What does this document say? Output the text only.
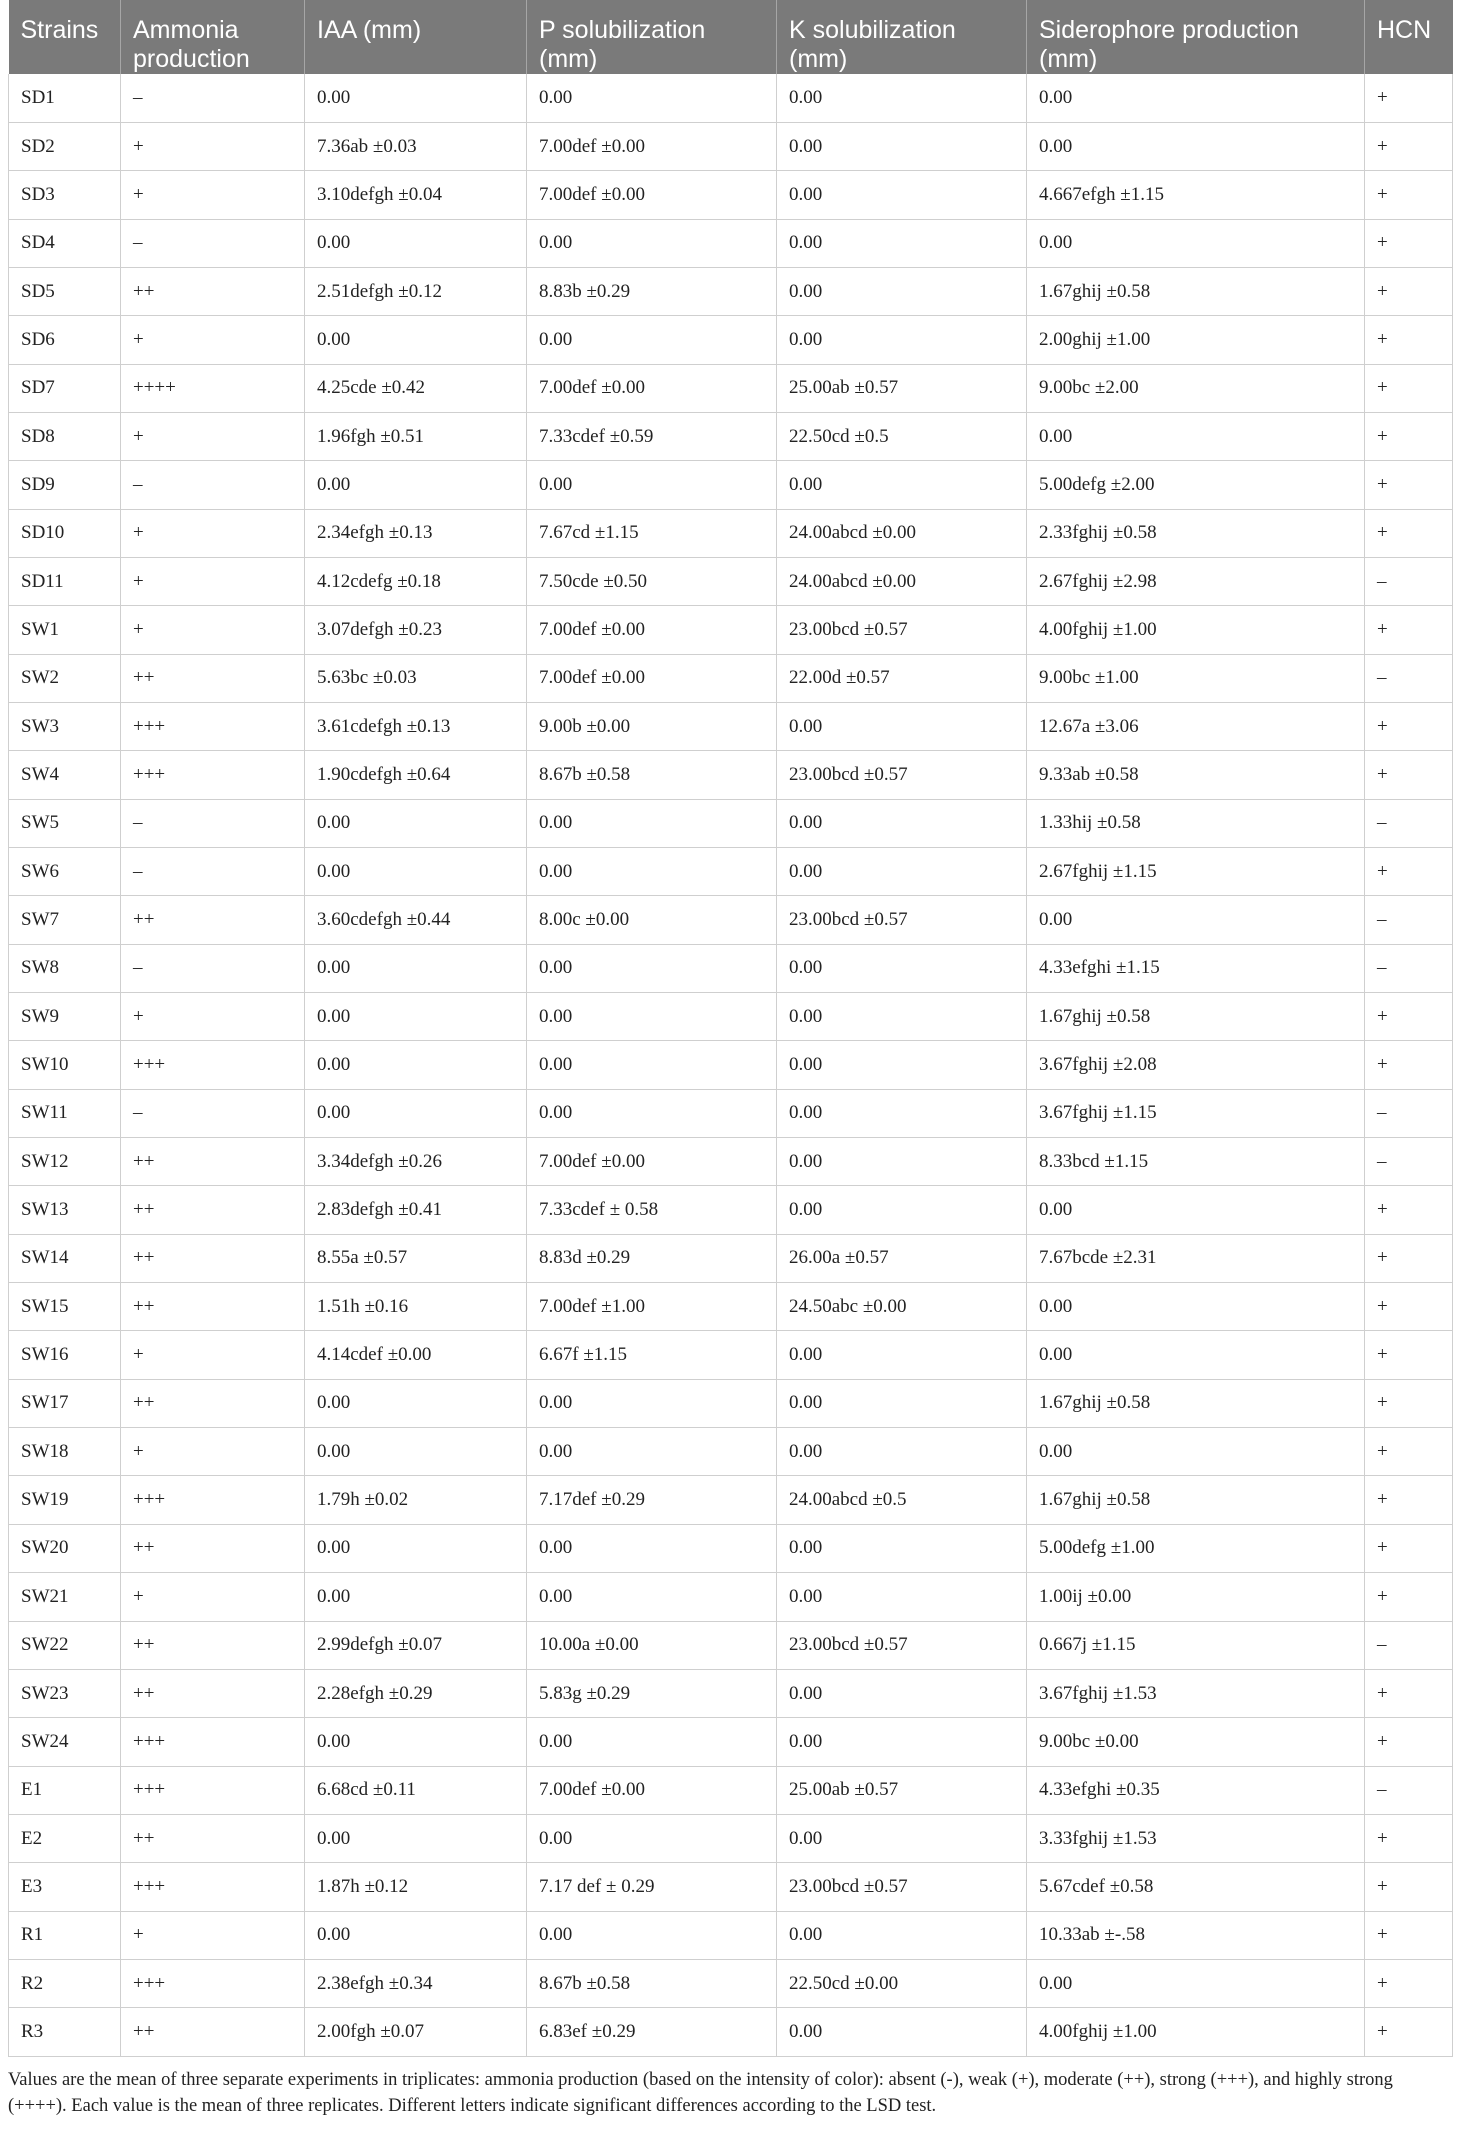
Strains	Ammonia production	IAA (mm)	P solubilization (mm)	K solubilization (mm)	Siderophore production (mm)	HCN
SD1	–	0.00	0.00	0.00	0.00	+
SD2	+	7.36ab ±0.03	7.00def ±0.00	0.00	0.00	+
SD3	+	3.10defgh ±0.04	7.00def ±0.00	0.00	4.667efgh ±1.15	+
SD4	–	0.00	0.00	0.00	0.00	+
SD5	++	2.51defgh ±0.12	8.83b ±0.29	0.00	1.67ghij ±0.58	+
SD6	+	0.00	0.00	0.00	2.00ghij ±1.00	+
SD7	++++	4.25cde ±0.42	7.00def ±0.00	25.00ab ±0.57	9.00bc ±2.00	+
SD8	+	1.96fgh ±0.51	7.33cdef ±0.59	22.50cd ±0.5	0.00	+
SD9	–	0.00	0.00	0.00	5.00defg ±2.00	+
SD10	+	2.34efgh ±0.13	7.67cd ±1.15	24.00abcd ±0.00	2.33fghij ±0.58	+
SD11	+	4.12cdefg ±0.18	7.50cde ±0.50	24.00abcd ±0.00	2.67fghij ±2.98	–
SW1	+	3.07defgh ±0.23	7.00def ±0.00	23.00bcd ±0.57	4.00fghij ±1.00	+
SW2	++	5.63bc ±0.03	7.00def ±0.00	22.00d ±0.57	9.00bc ±1.00	–
SW3	+++	3.61cdefgh ±0.13	9.00b ±0.00	0.00	12.67a ±3.06	+
SW4	+++	1.90cdefgh ±0.64	8.67b ±0.58	23.00bcd ±0.57	9.33ab ±0.58	+
SW5	–	0.00	0.00	0.00	1.33hij ±0.58	–
SW6	–	0.00	0.00	0.00	2.67fghij ±1.15	+
SW7	++	3.60cdefgh ±0.44	8.00c ±0.00	23.00bcd ±0.57	0.00	–
SW8	–	0.00	0.00	0.00	4.33efghi ±1.15	–
SW9	+	0.00	0.00	0.00	1.67ghij ±0.58	+
SW10	+++	0.00	0.00	0.00	3.67fghij ±2.08	+
SW11	–	0.00	0.00	0.00	3.67fghij ±1.15	–
SW12	++	3.34defgh ±0.26	7.00def ±0.00	0.00	8.33bcd ±1.15	–
SW13	++	2.83defgh ±0.41	7.33cdef ± 0.58	0.00	0.00	+
SW14	++	8.55a ±0.57	8.83d ±0.29	26.00a ±0.57	7.67bcde ±2.31	+
SW15	++	1.51h ±0.16	7.00def ±1.00	24.50abc ±0.00	0.00	+
SW16	+	4.14cdef ±0.00	6.67f ±1.15	0.00	0.00	+
SW17	++	0.00	0.00	0.00	1.67ghij ±0.58	+
SW18	+	0.00	0.00	0.00	0.00	+
SW19	+++	1.79h ±0.02	7.17def ±0.29	24.00abcd ±0.5	1.67ghij ±0.58	+
SW20	++	0.00	0.00	0.00	5.00defg ±1.00	+
SW21	+	0.00	0.00	0.00	1.00ij ±0.00	+
SW22	++	2.99defgh ±0.07	10.00a ±0.00	23.00bcd ±0.57	0.667j ±1.15	–
SW23	++	2.28efgh ±0.29	5.83g ±0.29	0.00	3.67fghij ±1.53	+
SW24	+++	0.00	0.00	0.00	9.00bc ±0.00	+
E1	+++	6.68cd ±0.11	7.00def ±0.00	25.00ab ±0.57	4.33efghi ±0.35	–
E2	++	0.00	0.00	0.00	3.33fghij ±1.53	+
E3	+++	1.87h ±0.12	7.17 def ± 0.29	23.00bcd ±0.57	5.67cdef ±0.58	+
R1	+	0.00	0.00	0.00	10.33ab ±-.58	+
R2	+++	2.38efgh ±0.34	8.67b ±0.58	22.50cd ±0.00	0.00	+
R3	++	2.00fgh ±0.07	6.83ef ±0.29	0.00	4.00fghij ±1.00	+

Values are the mean of three separate experiments in triplicates: ammonia production (based on the intensity of color): absent (-), weak (+), moderate (++), strong (+++), and highly strong (++++). Each value is the mean of three replicates. Different letters indicate significant differences according to the LSD test.
